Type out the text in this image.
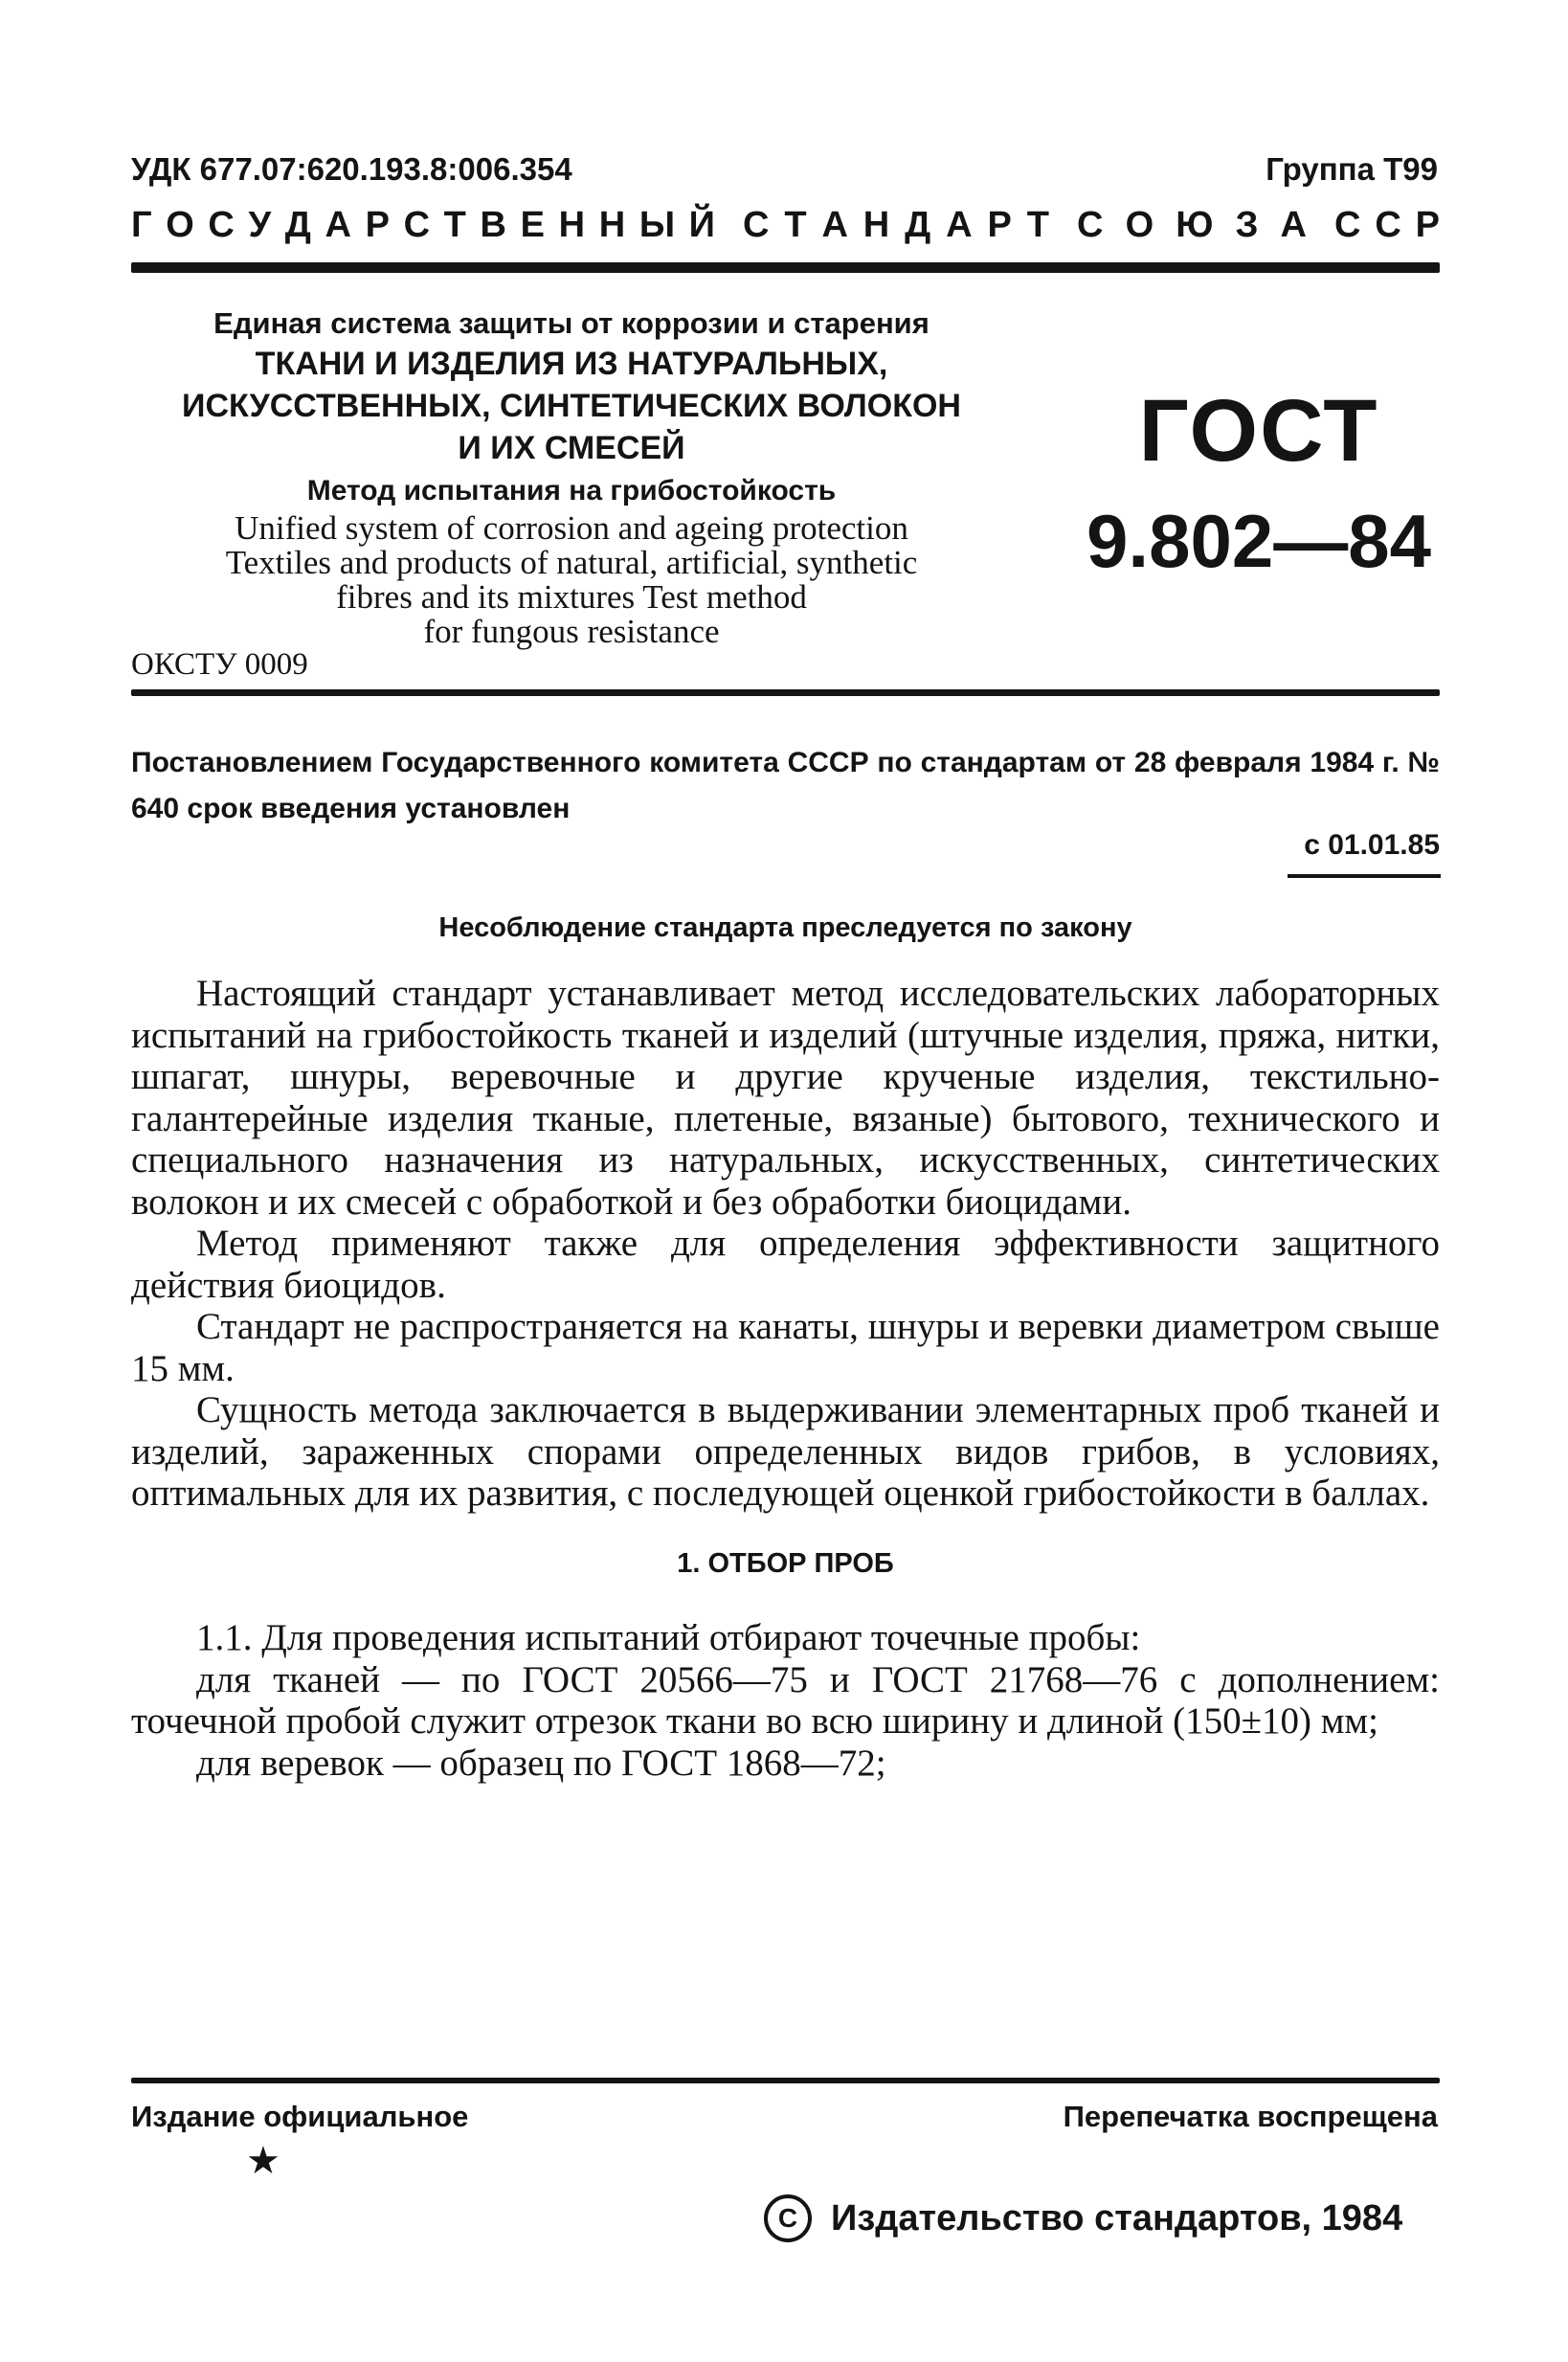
УДК 677.07:620.193.8:006.354	Группа Т99
Г О С У Д А Р С Т В Е Н Н Ы Й С Т А Н Д А Р Т С О Ю З А С С Р
Единая система защиты от коррозии и старения
ТКАНИ И ИЗДЕЛИЯ ИЗ НАТУРАЛЬНЫХ,
ИСКУССТВЕННЫХ, СИНТЕТИЧЕСКИХ ВОЛОКОН
И ИХ СМЕСЕЙ
Метод испытания на грибостойкость
Unified system of corrosion and ageing protection
Textiles and products of natural, artificial, synthetic
fibres and its mixtures Test method
for fungous resistance
ОКСТУ 0009
ГОСТ
9.802—84
Постановлением Государственного комитета СССР по стандартам от 28 февраля 1984 г. № 640 срок введения установлен
с 01.01.85
Несоблюдение стандарта преследуется по закону

Настоящий стандарт устанавливает метод исследовательских лабораторных испытаний на грибостойкость тканей и изделий (штучные изделия, пряжа, нитки, шпагат, шнуры, веревочные и другие крученые изделия, текстильно-галантерейные изделия тканые, плетеные, вязаные) бытового, технического и специального назначения из натуральных, искусственных, синтетических волокон и их смесей с обработкой и без обработки биоцидами.

Метод применяют также для определения эффективности защитного действия биоцидов.

Стандарт не распространяется на канаты, шнуры и веревки диаметром свыше 15 мм.

Сущность метода заключается в выдерживании элементарных проб тканей и изделий, зараженных спорами определенных видов грибов, в условиях, оптимальных для их развития, с последующей оценкой грибостойкости в баллах.

1. ОТБОР ПРОБ

1.1. Для проведения испытаний отбирают точечные пробы:

для тканей — по ГОСТ 20566—75 и ГОСТ 21768—76 с дополнением: точечной пробой служит отрезок ткани во всю ширину и длиной (150±10) мм;

для веревок — образец по ГОСТ 1868—72;

Издание официальное	Перепечатка воспрещена
★
C Издательство стандартов, 1984
